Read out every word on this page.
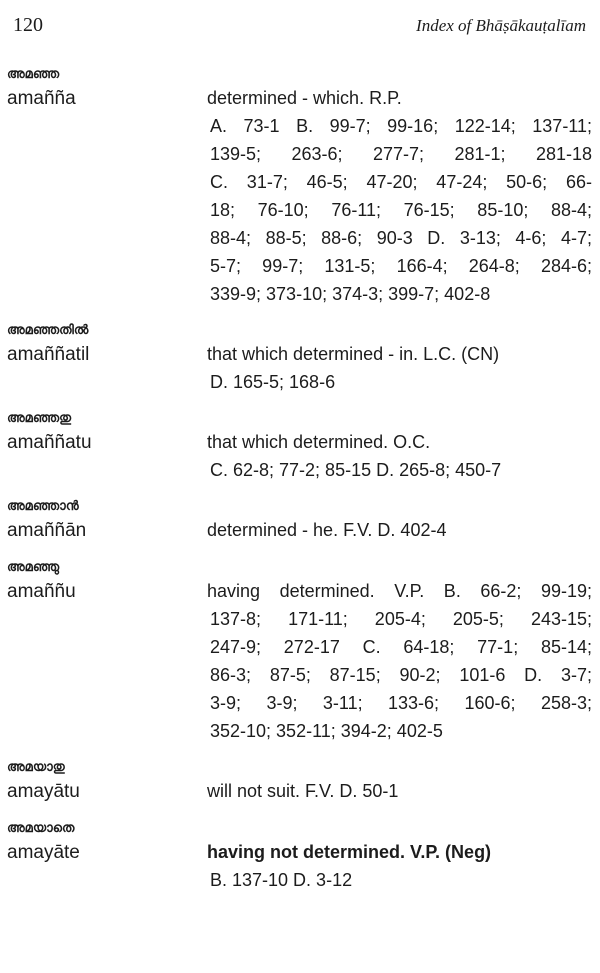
120	Index of Bhāṣākauṭalīam
അമഞ്ഞ
amañña	determined - which. R.P.
A. 73-1 B. 99-7; 99-16; 122-14; 137-11;
139-5; 263-6; 277-7; 281-1; 281-18
C. 31-7; 46-5; 47-20; 47-24; 50-6; 66-
18; 76-10; 76-11; 76-15; 85-10; 88-4;
88-4; 88-5; 88-6; 90-3 D. 3-13; 4-6; 4-7;
5-7; 99-7; 131-5; 166-4; 264-8; 284-6;
339-9; 373-10; 374-3; 399-7; 402-8
അമഞ്ഞതിൽ
amaññatil	that which determined - in. L.C. (CN)
D. 165-5; 168-6
അമഞ്ഞതു
amaññatu	that which determined. O.C.
C. 62-8; 77-2; 85-15 D. 265-8; 450-7
അമഞ്ഞാൻ
amaññān	determined - he. F.V. D. 402-4
അമഞ്ഞു
amaññu	having determined. V.P. B. 66-2; 99-19;
137-8; 171-11; 205-4; 205-5; 243-15;
247-9; 272-17 C. 64-18; 77-1; 85-14;
86-3; 87-5; 87-15; 90-2; 101-6 D. 3-7;
3-9; 3-9; 3-11; 133-6; 160-6; 258-3;
352-10; 352-11; 394-2; 402-5
അമയാതു
amayātu	will not suit. F.V. D. 50-1
അമയാതെ
amayāte	having not determined. V.P. (Neg)
B. 137-10 D. 3-12
